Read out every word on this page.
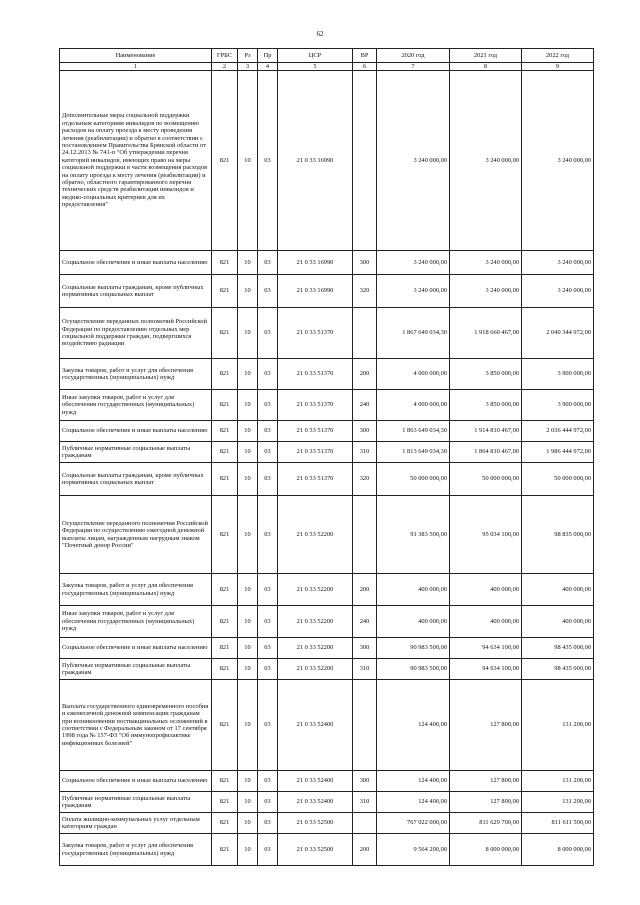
62
Наименование	ГРБС	Рз	Пр	ЦСР	ВР	2020 год	2021 год	2022 год
1	2	3	4	5	6	7	8	9
Дополнительные меры социальной поддержки отдельным категориям инвалидов по возмещению расходов на оплату проезда к месту проведения лечения (реабилитации) и обратно в соответствии с постановлением Правительства Брянской области от 24.12.2013 № 741-п "Об утверждении перечня категорий инвалидов, имеющих право на меры социальной поддержки в части возмещения расходов на оплату проезда к месту лечения (реабилитации) и обратно, областного гарантированного перечня технических средств реабилитации инвалидов и медико-социальных критериев для их предоставления"	821	10	03	21 0 33 16990		3 240 000,00	3 240 000,00	3 240 000,00
Социальное обеспечение и иные выплаты населению	821	10	03	21 0 33 16990	300	3 240 000,00	3 240 000,00	3 240 000,00
Социальные выплаты гражданам, кроме публичных нормативных социальных выплат	821	10	03	21 0 33 16990	320	3 240 000,00	3 240 000,00	3 240 000,00
Осуществление переданных полномочий Российской Федерации по предоставлению отдельных мер социальной поддержки граждан, подвергшихся воздействию радиации	821	10	03	21 0 33 51370		1 867 649 034,30	1 918 660 467,00	2 040 344 972,00
Закупка товаров, работ и услуг для обеспечения государственных (муниципальных) нужд	821	10	03	21 0 33 51370	200	4 000 000,00	3 850 000,00	3 900 000,00
Иные закупки товаров, работ и услуг для обеспечения государственных (муниципальных) нужд	821	10	03	21 0 33 51370	240	4 000 000,00	3 850 000,00	3 900 000,00
Социальное обеспечение и иные выплаты населению	821	10	03	21 0 33 51370	300	1 863 649 034,30	1 914 810 467,00	2 036 444 972,00
Публичные нормативные социальные выплаты гражданам	821	10	03	21 0 33 51370	310	1 813 649 034,30	1 864 810 467,00	1 986 444 972,00
Социальные выплаты гражданам, кроме публичных нормативных социальных выплат	821	10	03	21 0 33 51370	320	50 000 000,00	50 000 000,00	50 000 000,00
Осуществление переданного полномочия Российской Федерации по осуществлению ежегодной денежной выплаты лицам, награжденным нагрудным знаком "Почетный донор России"	821	10	03	21 0 33 52200		91 383 500,00	95 034 100,00	98 835 000,00
Закупка товаров, работ и услуг для обеспечения государственных (муниципальных) нужд	821	10	03	21 0 33 52200	200	400 000,00	400 000,00	400 000,00
Иные закупки товаров, работ и услуг для обеспечения государственных (муниципальных) нужд	821	10	03	21 0 33 52200	240	400 000,00	400 000,00	400 000,00
Социальное обеспечение и иные выплаты населению	821	10	03	21 0 33 52200	300	90 983 500,00	94 634 100,00	98 435 000,00
Публичные нормативные социальные выплаты гражданам	821	10	03	21 0 33 52200	310	90 983 500,00	94 634 100,00	98 435 000,00
Выплата государственного единовременного пособия и ежемесячной денежной компенсации гражданам при возникновении поствакцинальных осложнений в соответствии с Федеральным законом от 17 сентября 1998 года № 157-ФЗ "Об иммунопрофилактике инфекционных болезней"	821	10	03	21 0 33 52400		124 400,00	127 800,00	131 200,00
Социальное обеспечение и иные выплаты населению	821	10	03	21 0 33 52400	300	124 400,00	127 800,00	131 200,00
Публичные нормативные социальные выплаты гражданам	821	10	03	21 0 33 52400	310	124 400,00	127 800,00	131 200,00
Оплата жилищно-коммунальных услуг отдельным категориям граждан	821	10	03	21 0 33 52500		767 022 000,00	811 629 700,00	811 611 500,00
Закупка товаров, работ и услуг для обеспечения государственных (муниципальных) нужд	821	10	03	21 0 33 52500	200	9 564 200,00	8 000 000,00	8 000 000,00
